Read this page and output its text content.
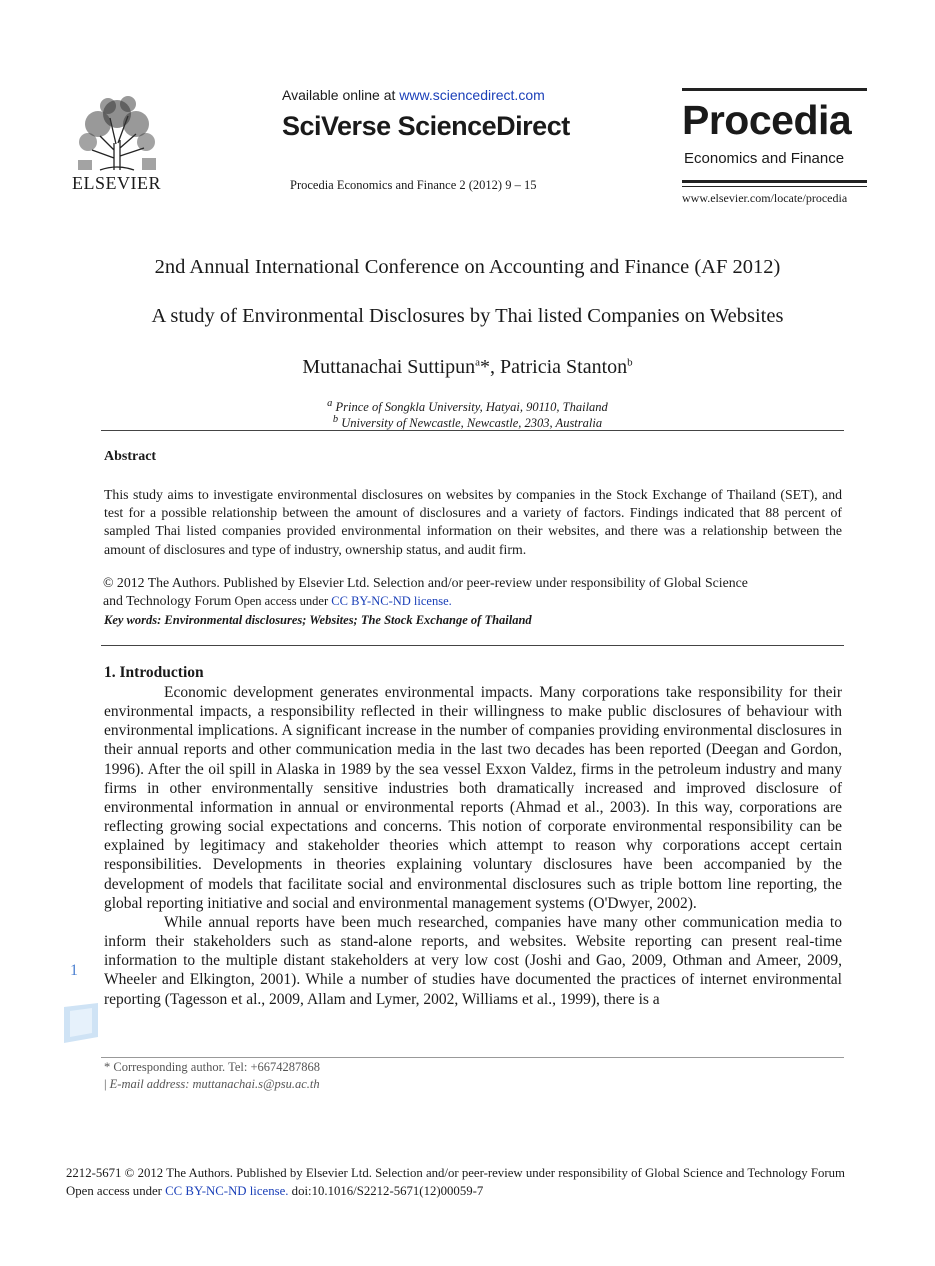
ELSEVIER
Available online at www.sciencedirect.com
SciVerse ScienceDirect
Procedia Economics and Finance 2 (2012) 9 – 15
Procedia
Economics and Finance
www.elsevier.com/locate/procedia
2nd Annual International Conference on Accounting and Finance (AF 2012)
A study of Environmental Disclosures by Thai listed Companies on Websites
Muttanachai Suttipun$^a$*, Patricia Stanton$^b$
$^a$ Prince of Songkla University, Hatyai, 90110, Thailand
$^b$ University of Newcastle, Newcastle, 2303, Australia
Abstract
This study aims to investigate environmental disclosures on websites by companies in the Stock Exchange of Thailand (SET), and test for a possible relationship between the amount of disclosures and a variety of factors. Findings indicated that 88 percent of sampled Thai listed companies provided environmental information on their websites, and there was a relationship between the amount of disclosures and type of industry, ownership status, and audit firm.
© 2012 The Authors. Published by Elsevier Ltd. Selection and/or peer-review under responsibility of Global Science
and Technology Forum Open access under CC BY-NC-ND license.
Key words: Environmental disclosures; Websites; The Stock Exchange of Thailand
1. Introduction

Economic development generates environmental impacts. Many corporations take responsibility for their environmental impacts, a responsibility reflected in their willingness to make public disclosures of behaviour with environmental implications. A significant increase in the number of companies providing environmental disclosures in their annual reports and other communication media in the last two decades has been reported (Deegan and Gordon, 1996). After the oil spill in Alaska in 1989 by the sea vessel Exxon Valdez, firms in the petroleum industry and many firms in other environmentally sensitive industries both dramatically increased and improved disclosure of environmental information in annual or environmental reports (Ahmad et al., 2003). In this way, corporations are reflecting growing social expectations and concerns. This notion of corporate environmental responsibility can be explained by legitimacy and stakeholder theories which attempt to reason why corporations accept certain responsibilities. Developments in theories explaining voluntary disclosures have been accompanied by the development of models that facilitate social and environmental disclosures such as triple bottom line reporting, the global reporting initiative and social and environmental management systems (O'Dwyer, 2002).

While annual reports have been much researched, companies have many other communication media to inform their stakeholders such as stand-alone reports, and websites. Website reporting can present real-time information to the multiple distant stakeholders at very low cost (Joshi and Gao, 2009, Othman and Ameer, 2009, Wheeler and Elkington, 2001). While a number of studies have documented the practices of internet environmental reporting (Tagesson et al., 2009, Allam and Lymer, 2002, Williams et al., 1999), there is a

1
* Corresponding author. Tel: +6674287868
| E-mail address: muttanachai.s@psu.ac.th
2212-5671 © 2012 The Authors. Published by Elsevier Ltd. Selection and/or peer-review under responsibility of Global Science and Technology Forum
Open access under CC BY-NC-ND license. doi:10.1016/S2212-5671(12)00059-7
